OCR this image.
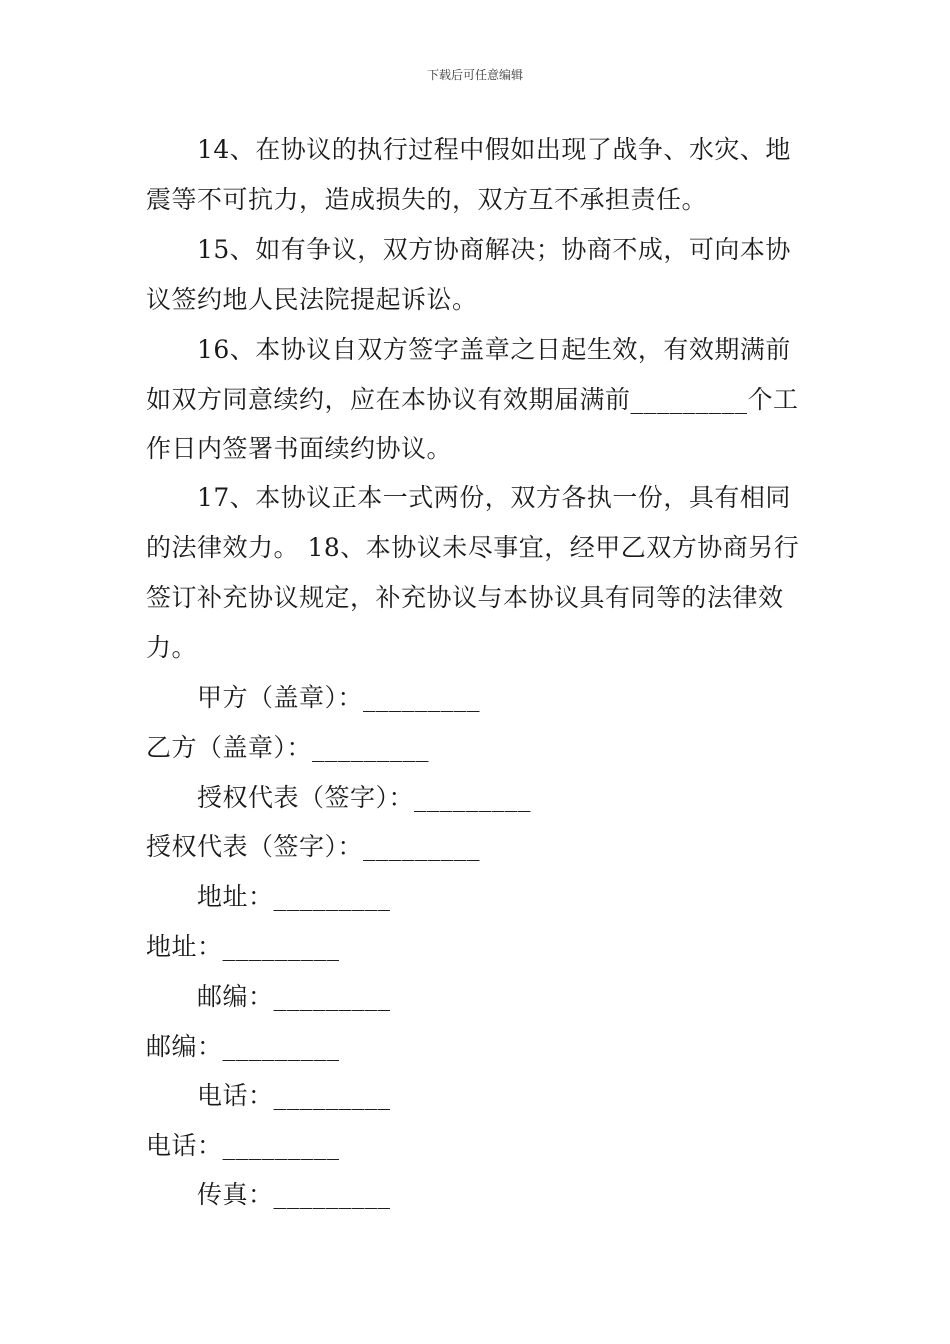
下载后可任意编辑
14、在协议的执行过程中假如出现了战争、水灾、地
震等不可抗力，造成损失的，双方互不承担责任。
15、如有争议，双方协商解决；协商不成，可向本协
议签约地人民法院提起诉讼。
16、本协议自双方签字盖章之日起生效，有效期满前
如双方同意续约，应在本协议有效期届满前_________个工
作日内签署书面续约协议。
17、本协议正本一式两份，双方各执一份，具有相同
的法律效力。 18、本协议未尽事宜，经甲乙双方协商另行
签订补充协议规定，补充协议与本协议具有同等的法律效
力。
甲方（盖章）：_________
乙方（盖章）：_________
授权代表（签字）：_________
授权代表（签字）：_________
地址：_________
地址：_________
邮编：_________
邮编：_________
电话：_________
电话：_________
传真：_________
